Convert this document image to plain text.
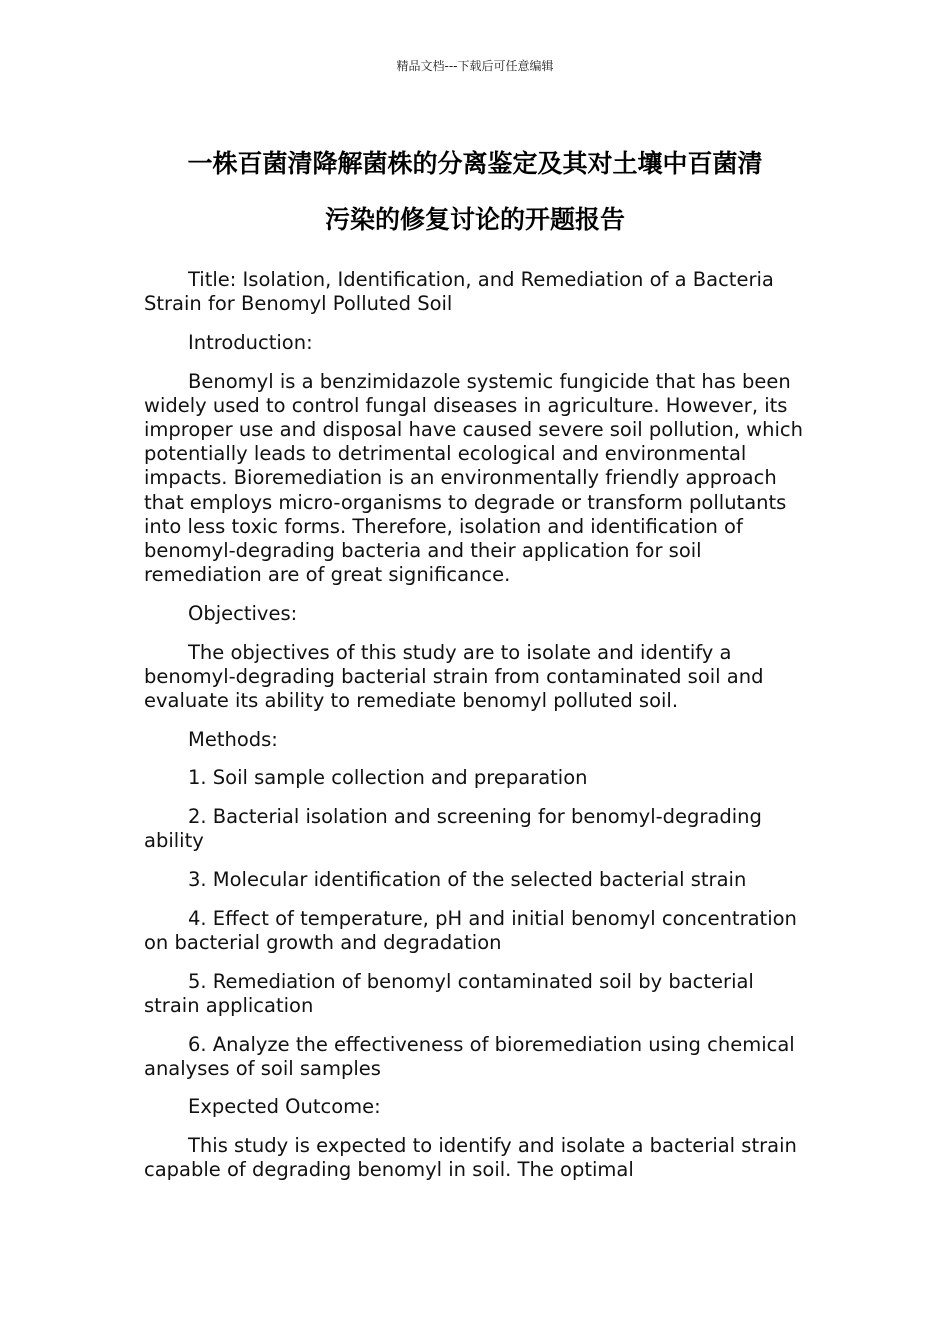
精品文档---下载后可任意编辑
一株百菌清降解菌株的分离鉴定及其对土壤中百菌清
污染的修复讨论的开题报告

Title: Isolation, Identification, and Remediation of a Bacteria Strain for Benomyl Polluted Soil

Introduction:

Benomyl is a benzimidazole systemic fungicide that has been widely used to control fungal diseases in agriculture. However, its improper use and disposal have caused severe soil pollution, which potentially leads to detrimental ecological and environmental impacts. Bioremediation is an environmentally friendly approach that employs micro-organisms to degrade or transform pollutants into less toxic forms. Therefore, isolation and identification of benomyl-degrading bacteria and their application for soil remediation are of great significance.

Objectives:

The objectives of this study are to isolate and identify a benomyl-degrading bacterial strain from contaminated soil and evaluate its ability to remediate benomyl polluted soil.

Methods:

1. Soil sample collection and preparation

2. Bacterial isolation and screening for benomyl-degrading ability

3. Molecular identification of the selected bacterial strain

4. Effect of temperature, pH and initial benomyl concentration on bacterial growth and degradation

5. Remediation of benomyl contaminated soil by bacterial strain application

6. Analyze the effectiveness of bioremediation using chemical analyses of soil samples

Expected Outcome:

This study is expected to identify and isolate a bacterial strain capable of degrading benomyl in soil. The optimal
